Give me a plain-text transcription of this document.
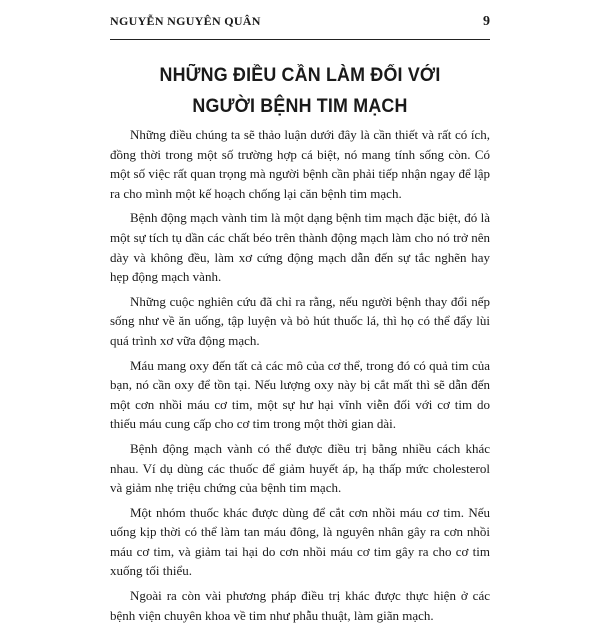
NGUYỄN NGUYÊN QUÂN	9
NHỮNG ĐIỀU CẦN LÀM ĐỐI VỚI
NGƯỜI BỆNH TIM MẠCH

Những điều chúng ta sẽ thảo luận dưới đây là cần thiết và rất có ích, đồng thời trong một số trường hợp cá biệt, nó mang tính sống còn. Có một số việc rất quan trọng mà người bệnh cần phải tiếp nhận ngay để lập ra cho mình một kế hoạch chống lại căn bệnh tim mạch.

Bệnh động mạch vành tim là một dạng bệnh tim mạch đặc biệt, đó là một sự tích tụ dần các chất béo trên thành động mạch làm cho nó trở nên dày và không đều, làm xơ cứng động mạch dẫn đến sự tắc nghẽn hay hẹp động mạch vành.

Những cuộc nghiên cứu đã chỉ ra rằng, nếu người bệnh thay đổi nếp sống như về ăn uống, tập luyện và bỏ hút thuốc lá, thì họ có thể đẩy lùi quá trình xơ vữa động mạch.

Máu mang oxy đến tất cả các mô của cơ thể, trong đó có quả tim của bạn, nó cần oxy để tồn tại. Nếu lượng oxy này bị cắt mất thì sẽ dẫn đến một cơn nhồi máu cơ tim, một sự hư hại vĩnh viễn đối với cơ tim do thiếu máu cung cấp cho cơ tim trong một thời gian dài.

Bệnh động mạch vành có thể được điều trị bằng nhiều cách khác nhau. Ví dụ dùng các thuốc để giảm huyết áp, hạ thấp mức cholesterol và giảm nhẹ triệu chứng của bệnh tim mạch.

Một nhóm thuốc khác được dùng để cắt cơn nhồi máu cơ tim. Nếu uống kịp thời có thể làm tan máu đông, là nguyên nhân gây ra cơn nhồi máu cơ tim, và giảm tai hại do cơn nhồi máu cơ tim gây ra cho cơ tim xuống tối thiểu.

Ngoài ra còn vài phương pháp điều trị khác được thực hiện ở các bệnh viện chuyên khoa về tim như phẫu thuật, làm giãn mạch.
